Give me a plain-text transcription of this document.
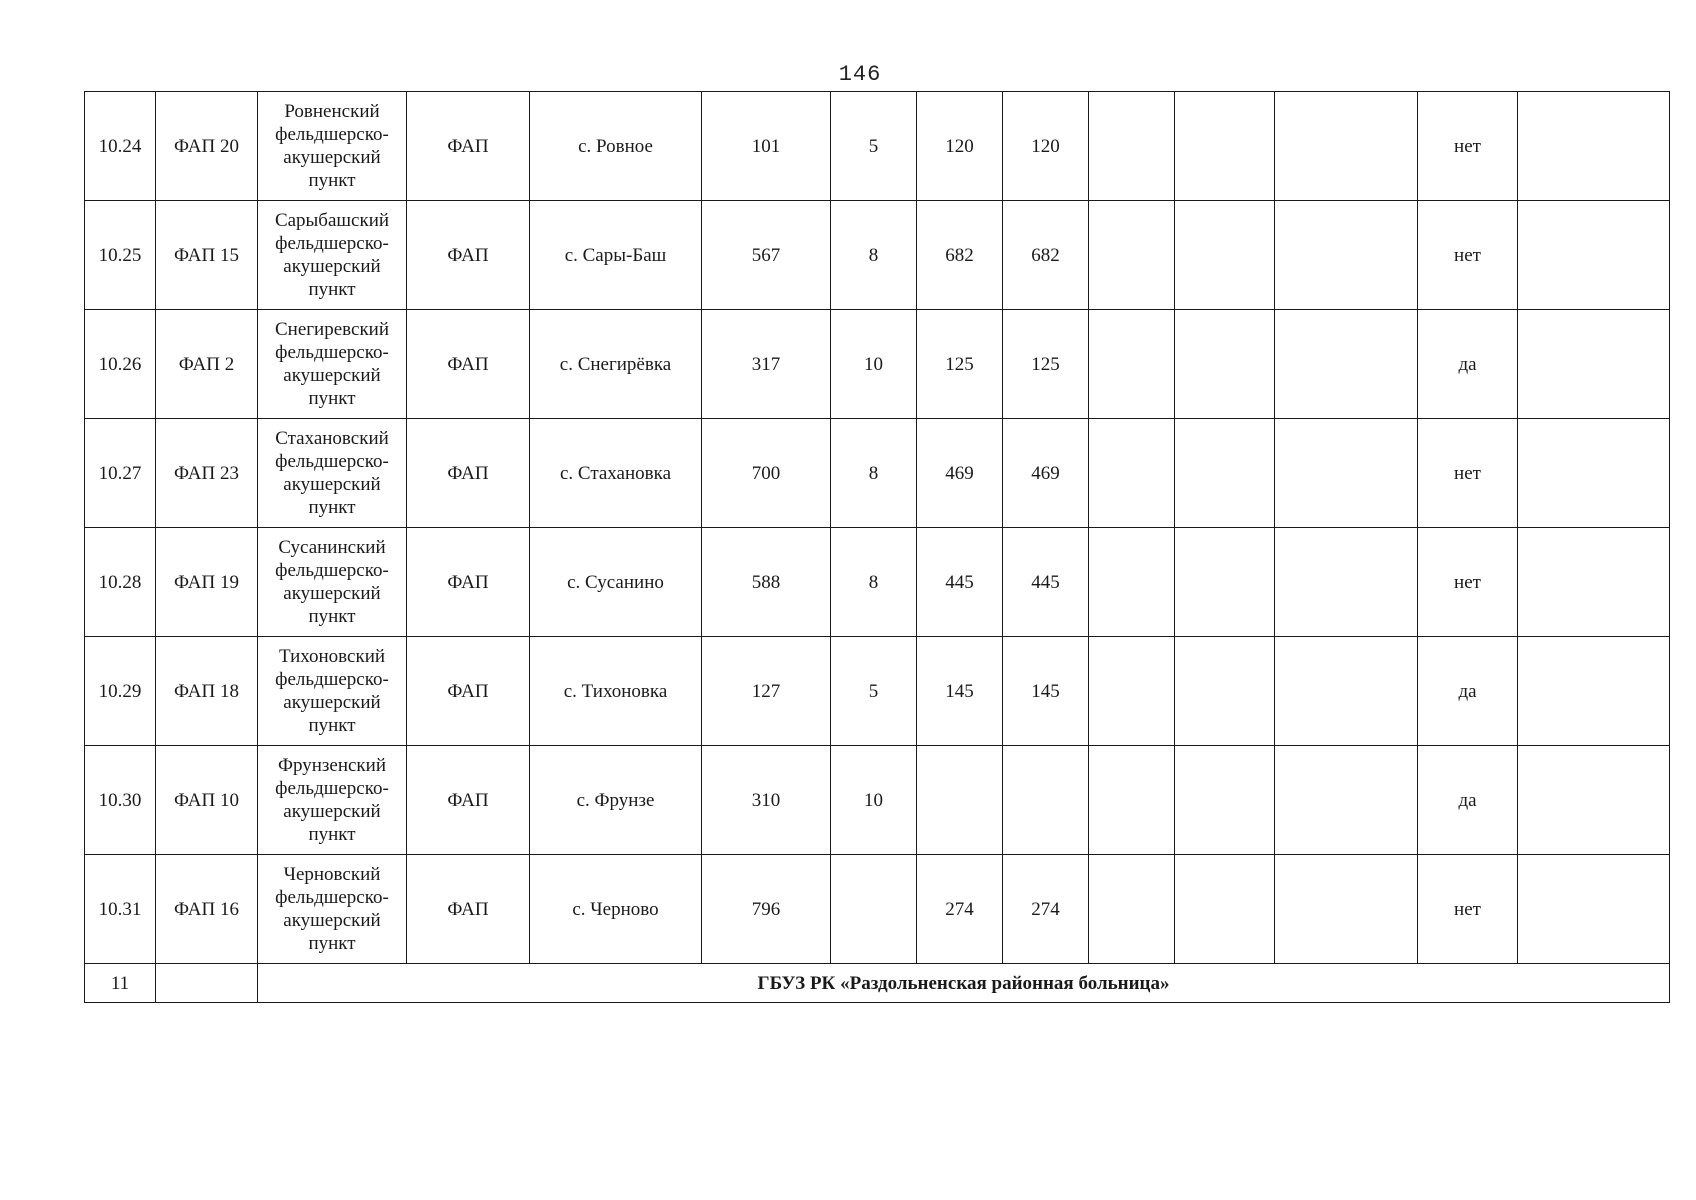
146
10.24	ФАП 20	Ровненский фельдшерско-акушерский пункт	ФАП	с. Ровное	101	5	120	120				нет	
10.25	ФАП 15	Сарыбашский фельдшерско-акушерский пункт	ФАП	с. Сары-Баш	567	8	682	682				нет	
10.26	ФАП 2	Снегиревский фельдшерско-акушерский пункт	ФАП	с. Снегирёвка	317	10	125	125				да	
10.27	ФАП 23	Стахановский фельдшерско-акушерский пункт	ФАП	с. Стахановка	700	8	469	469				нет	
10.28	ФАП 19	Сусанинский фельдшерско-акушерский пункт	ФАП	с. Сусанино	588	8	445	445				нет	
10.29	ФАП 18	Тихоновский фельдшерско-акушерский пункт	ФАП	с. Тихоновка	127	5	145	145				да	
10.30	ФАП 10	Фрунзенский фельдшерско-акушерский пункт	ФАП	с. Фрунзе	310	10						да	
10.31	ФАП 16	Черновский фельдшерско-акушерский пункт	ФАП	с. Черново	796		274	274				нет	
11		ГБУЗ РК «Раздольненская районная больница»											
